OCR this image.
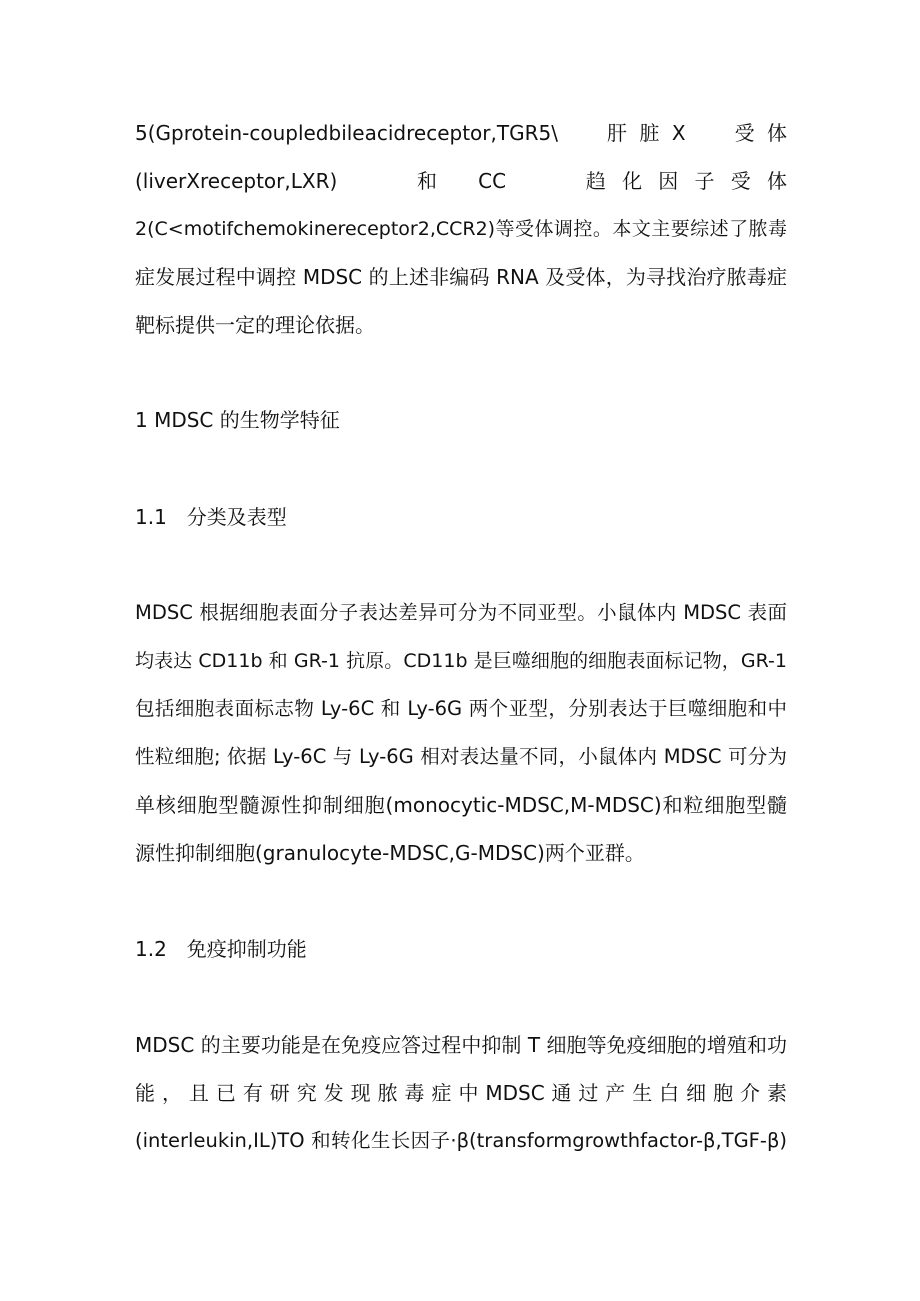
5(Gprotein-coupledbileacidreceptor,TGR5\　　肝 脏 X　　受 体
(liverXreceptor,LXR)　　　和　 CC　　　趋 化 因 子 受 体
2(C<motifchemokinereceptor2,CCR2)等受体调控。本文主要综述了脓毒
症发展过程中调控 MDSC 的上述非编码 RNA 及受体，为寻找治疗脓毒症
靶标提供一定的理论依据。
1 MDSC 的生物学特征
1.1　分类及表型
MDSC 根据细胞表面分子表达差异可分为不同亚型。小鼠体内 MDSC 表面
均表达 CD11b 和 GR-1 抗原。CD11b 是巨噬细胞的细胞表面标记物，GR-1
包括细胞表面标志物 Ly-6C 和 Ly-6G 两个亚型，分别表达于巨噬细胞和中
性粒细胞; 依据 Ly-6C 与 Ly-6G 相对表达量不同，小鼠体内 MDSC 可分为
单核细胞型髓源性抑制细胞(monocytic-MDSC,M-MDSC)和粒细胞型髓
源性抑制细胞(granulocyte-MDSC,G-MDSC)两个亚群。
1.2　免疫抑制功能
MDSC 的主要功能是在免疫应答过程中抑制 T 细胞等免疫细胞的增殖和功
能 ， 且 已 有 研 究 发 现 脓 毒 症 中 MDSC 通 过 产 生 白 细 胞 介 素
(interleukin,IL)TO 和转化生长因子·β(transformgrowthfactor-β,TGF-β)
